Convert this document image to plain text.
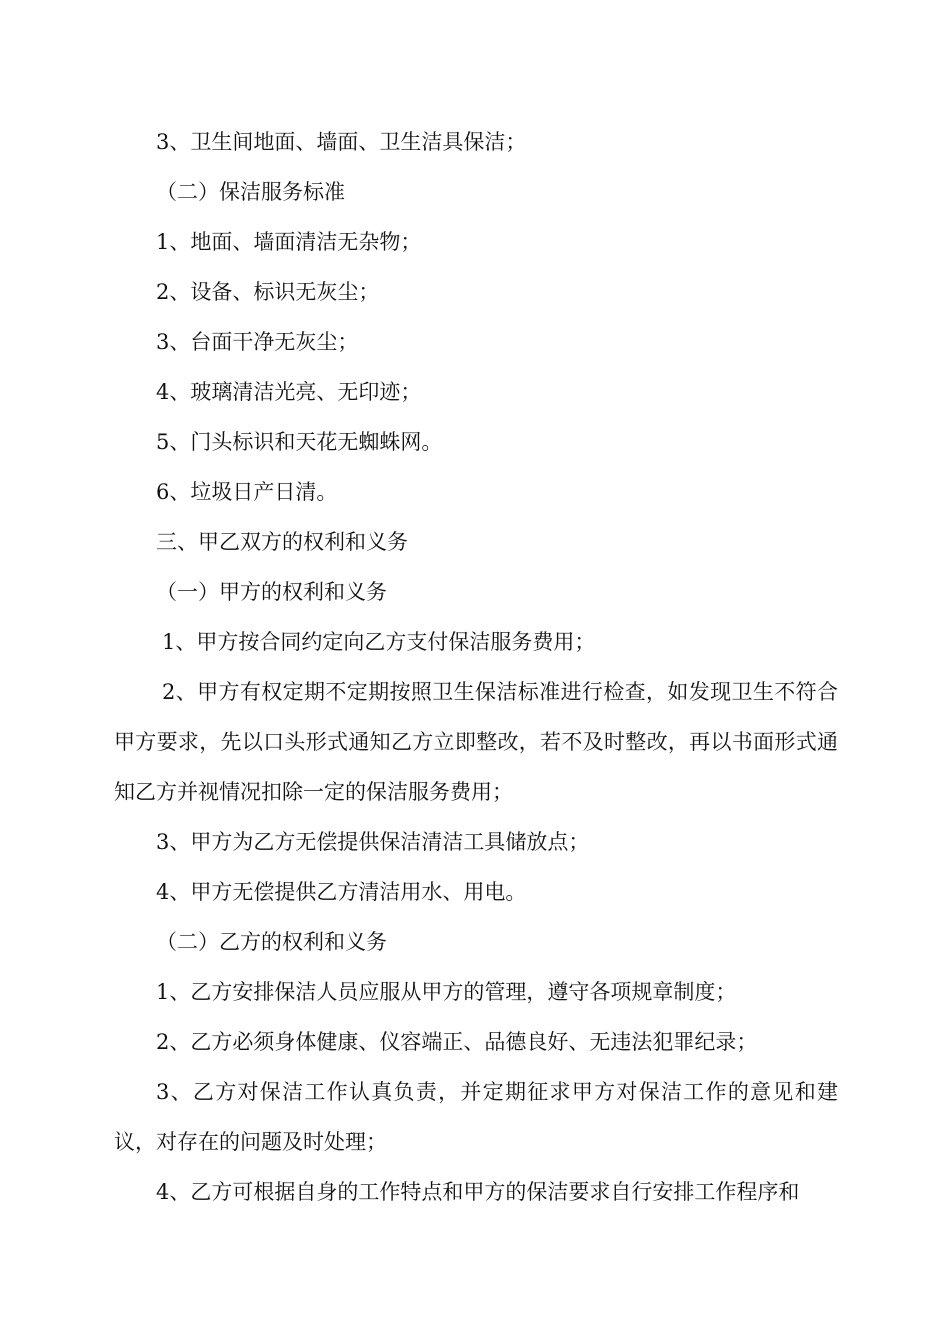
3、卫生间地面、墙面、卫生洁具保洁；

（二）保洁服务标准

1、地面、墙面清洁无杂物；

2、设备、标识无灰尘；

3、台面干净无灰尘；

4、玻璃清洁光亮、无印迹；

5、门头标识和天花无蜘蛛网。

6、垃圾日产日清。

三、甲乙双方的权利和义务

（一）甲方的权利和义务

1、甲方按合同约定向乙方支付保洁服务费用；

2、甲方有权定期不定期按照卫生保洁标准进行检查，如发现卫生不符合甲方要求，先以口头形式通知乙方立即整改，若不及时整改，再以书面形式通知乙方并视情况扣除一定的保洁服务费用；

3、甲方为乙方无偿提供保洁清洁工具储放点；

4、甲方无偿提供乙方清洁用水、用电。

（二）乙方的权利和义务

1、乙方安排保洁人员应服从甲方的管理，遵守各项规章制度；

2、乙方必须身体健康、仪容端正、品德良好、无违法犯罪纪录；

3、乙方对保洁工作认真负责，并定期征求甲方对保洁工作的意见和建议，对存在的问题及时处理；

4、乙方可根据自身的工作特点和甲方的保洁要求自行安排工作程序和
